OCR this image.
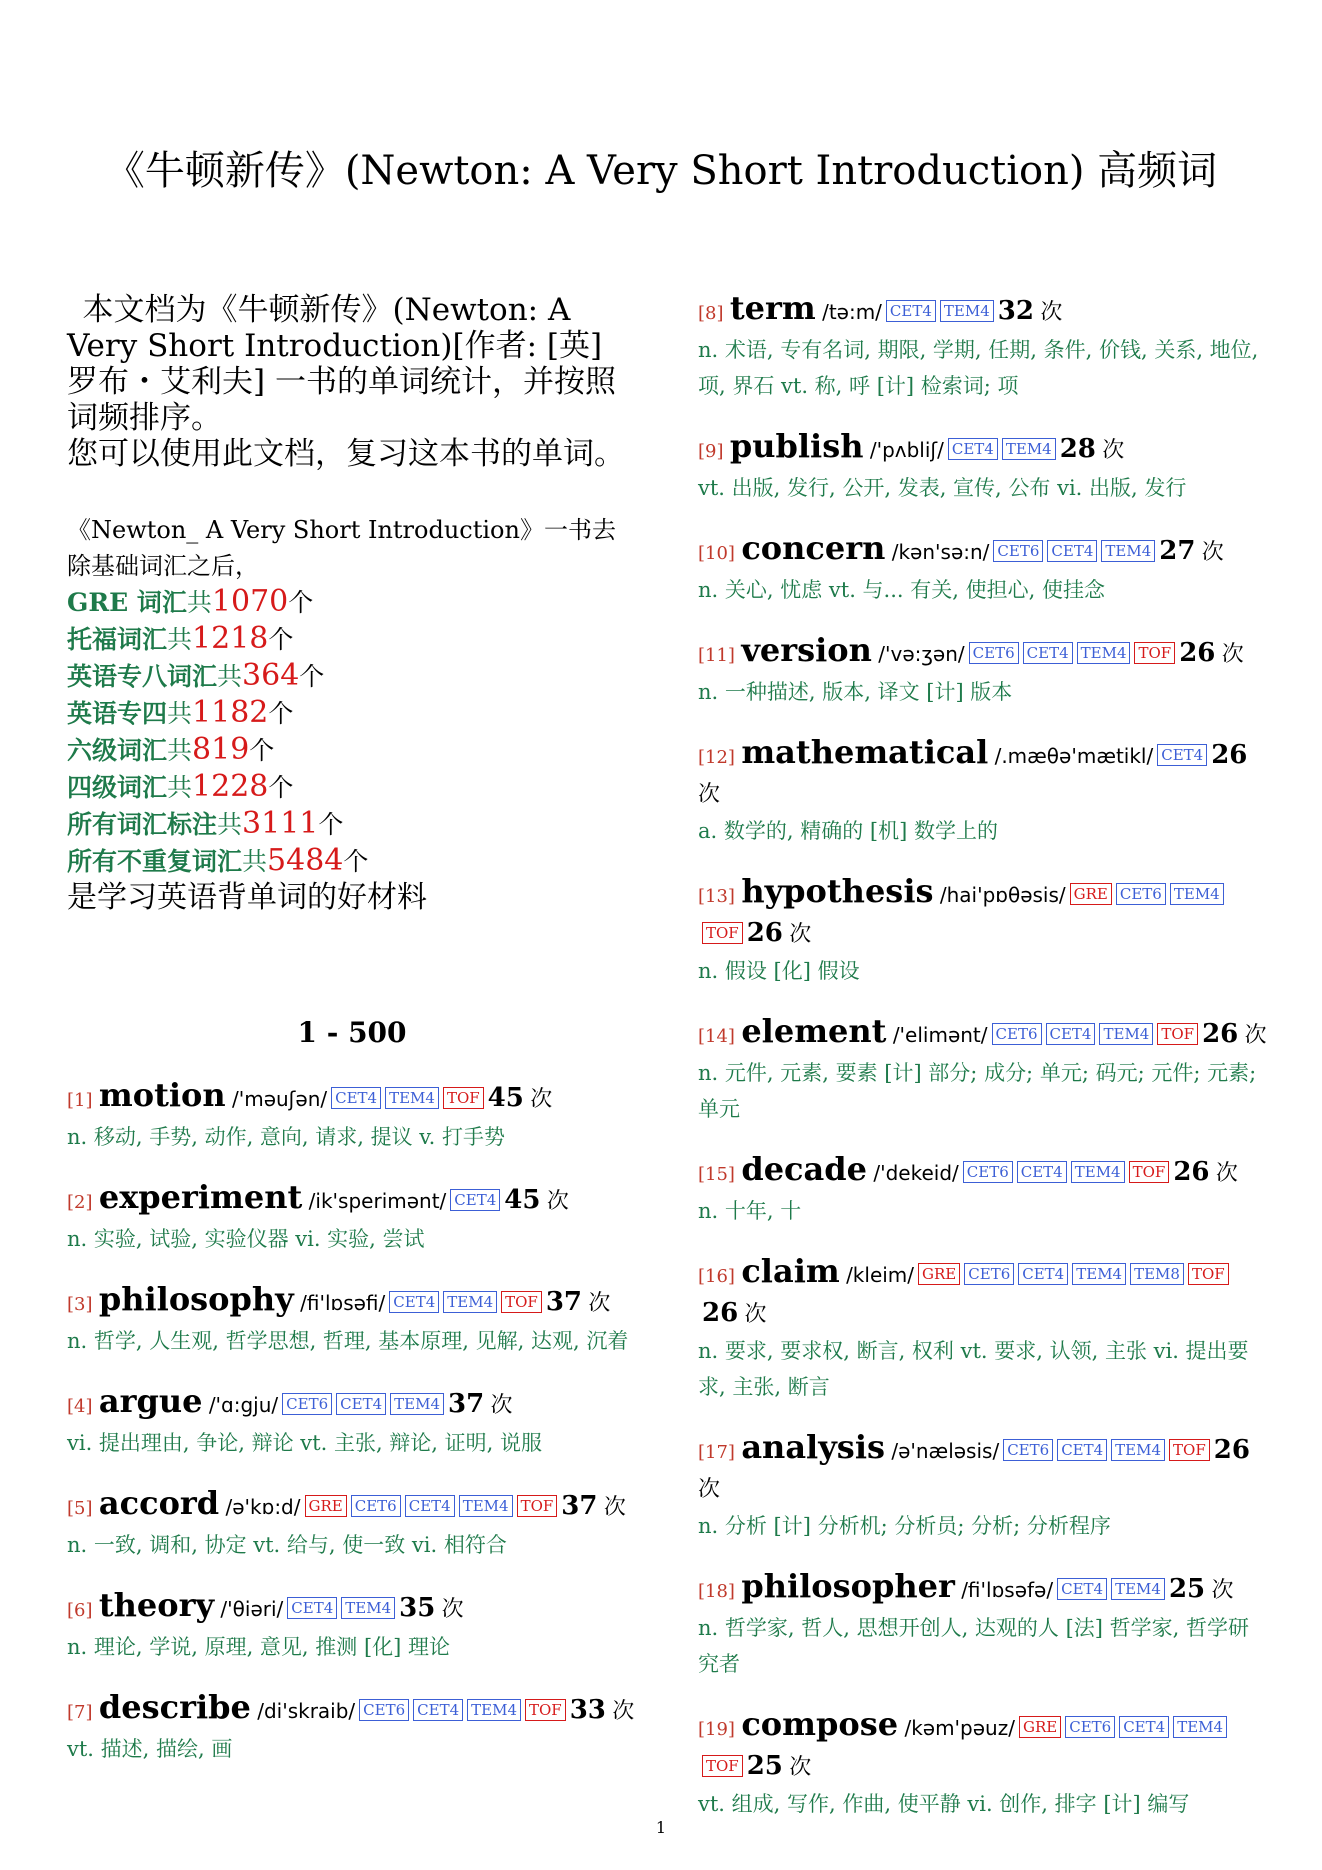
《牛顿新传》(Newton: A Very Short Introduction) 高频词

本文档为《牛顿新传》(Newton: A Very Short Introduction)[作者: [英] 罗布・艾利夫] 一书的单词统计，并按照词频排序。

您可以使用此文档，复习这本书的单词。

《Newton_ A Very Short Introduction》一书去除基础词汇之后，
GRE 词汇共1070个
托福词汇共1218个
英语专八词汇共364个
英语专四共1182个
六级词汇共819个
四级词汇共1228个
所有词汇标注共3111个
所有不重复词汇共5484个
是学习英语背单词的好材料
1 - 500
[1] motion /'məuʃən/ CET4 TEM4 TOF 45 次
n. 移动, 手势, 动作, 意向, 请求, 提议 v. 打手势
[2] experiment /ik'sperimənt/ CET4 45 次
n. 实验, 试验, 实验仪器 vi. 实验, 尝试
[3] philosophy /fi'lɒsəfi/ CET4 TEM4 TOF 37 次
n. 哲学, 人生观, 哲学思想, 哲理, 基本原理, 见解, 达观, 沉着
[4] argue /'ɑ:gju/ CET6 CET4 TEM4 37 次
vi. 提出理由, 争论, 辩论 vt. 主张, 辩论, 证明, 说服
[5] accord /ə'kɒ:d/ GRE CET6 CET4 TEM4 TOF 37 次
n. 一致, 调和, 协定 vt. 给与, 使一致 vi. 相符合
[6] theory /'θiəri/ CET4 TEM4 35 次
n. 理论, 学说, 原理, 意见, 推测 [化] 理论
[7] describe /di'skraib/ CET6 CET4 TEM4 TOF 33 次
vt. 描述, 描绘, 画
[8] term /tə:m/ CET4 TEM4 32 次
n. 术语, 专有名词, 期限, 学期, 任期, 条件, 价钱, 关系, 地位, 项, 界石 vt. 称, 呼 [计] 检索词; 项
[9] publish /'pʌbliʃ/ CET4 TEM4 28 次
vt. 出版, 发行, 公开, 发表, 宣传, 公布 vi. 出版, 发行
[10] concern /kən'sə:n/ CET6 CET4 TEM4 27 次
n. 关心, 忧虑 vt. 与... 有关, 使担心, 使挂念
[11] version /'və:ʒən/ CET6 CET4 TEM4 TOF 26 次
n. 一种描述, 版本, 译文 [计] 版本
[12] mathematical /.mæθə'mætikl/ CET4 26 次
a. 数学的, 精确的 [机] 数学上的
[13] hypothesis /hai'pɒθəsis/ GRE CET6 TEM4TOF 26 次
n. 假设 [化] 假设
[14] element /'elimənt/ CET6 CET4 TEM4 TOF 26 次
n. 元件, 元素, 要素 [计] 部分; 成分; 单元; 码元; 元件; 元素; 单元
[15] decade /'dekeid/ CET6 CET4 TEM4 TOF 26 次
n. 十年, 十
[16] claim /kleim/ GRE CET6 CET4 TEM4 TEM8 TOF26 次
n. 要求, 要求权, 断言, 权利 vt. 要求, 认领, 主张 vi. 提出要求, 主张, 断言
[17] analysis /ə'næləsis/ CET6 CET4 TEM4 TOF 26 次
n. 分析 [计] 分析机; 分析员; 分析; 分析程序
[18] philosopher /fi'lɒsəfə/ CET4 TEM4 25 次
n. 哲学家, 哲人, 思想开创人, 达观的人 [法] 哲学家, 哲学研究者
[19] compose /kəm'pəuz/ GRE CET6 CET4 TEM4TOF 25 次
vt. 组成, 写作, 作曲, 使平静 vi. 创作, 排字 [计] 编写
1
